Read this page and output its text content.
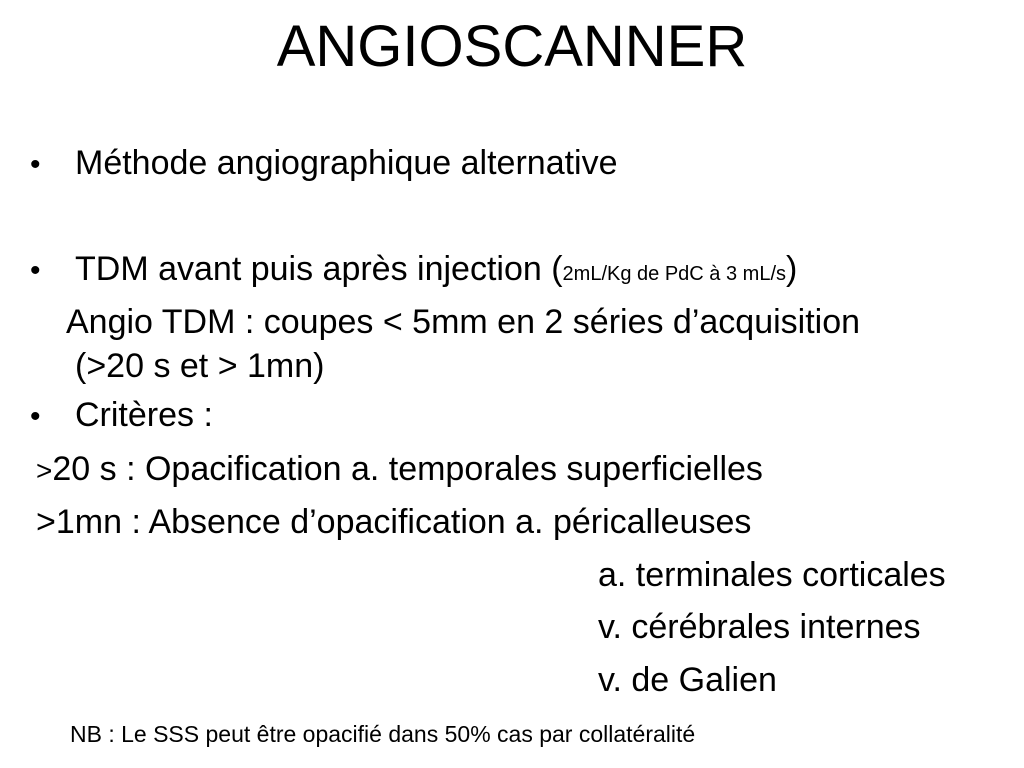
ANGIOSCANNER
• Méthode angiographique alternative
• TDM avant puis après injection (2mL/Kg de PdC à 3 mL/s)
Angio TDM : coupes < 5mm en 2 séries d’acquisition
(>20 s et > 1mn)
• Critères :
>20 s : Opacification a. temporales superficielles
>1mn : Absence d’opacification a. péricalleuses
a. terminales corticales
v. cérébrales internes
v. de Galien
NB : Le SSS peut être opacifié dans 50% cas par collatéralité
